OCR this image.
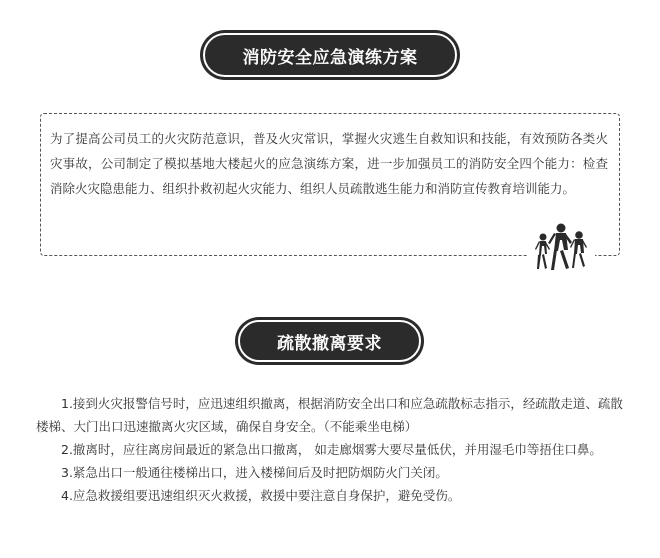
消防安全应急演练方案
为了提高公司员工的火灾防范意识，普及火灾常识，掌握火灾逃生自救知识和技能，有效预防各类火灾事故，公司制定了模拟基地大楼起火的应急演练方案，进一步加强员工的消防安全四个能力：检查消除火灾隐患能力、组织扑救初起火灾能力、组织人员疏散逃生能力和消防宣传教育培训能力。
疏散撤离要求

1.接到火灾报警信号时，应迅速组织撤离，根据消防安全出口和应急疏散标志指示，经疏散走道、疏散楼梯、大门出口迅速撤离火灾区域，确保自身安全。（不能乘坐电梯）

2.撤离时，应往离房间最近的紧急出口撤离， 如走廊烟雾大要尽量低伏，并用湿毛巾等捂住口鼻。

3.紧急出口一般通往楼梯出口，进入楼梯间后及时把防烟防火门关闭。

4.应急救援组要迅速组织灭火救援，救援中要注意自身保护，避免受伤。
